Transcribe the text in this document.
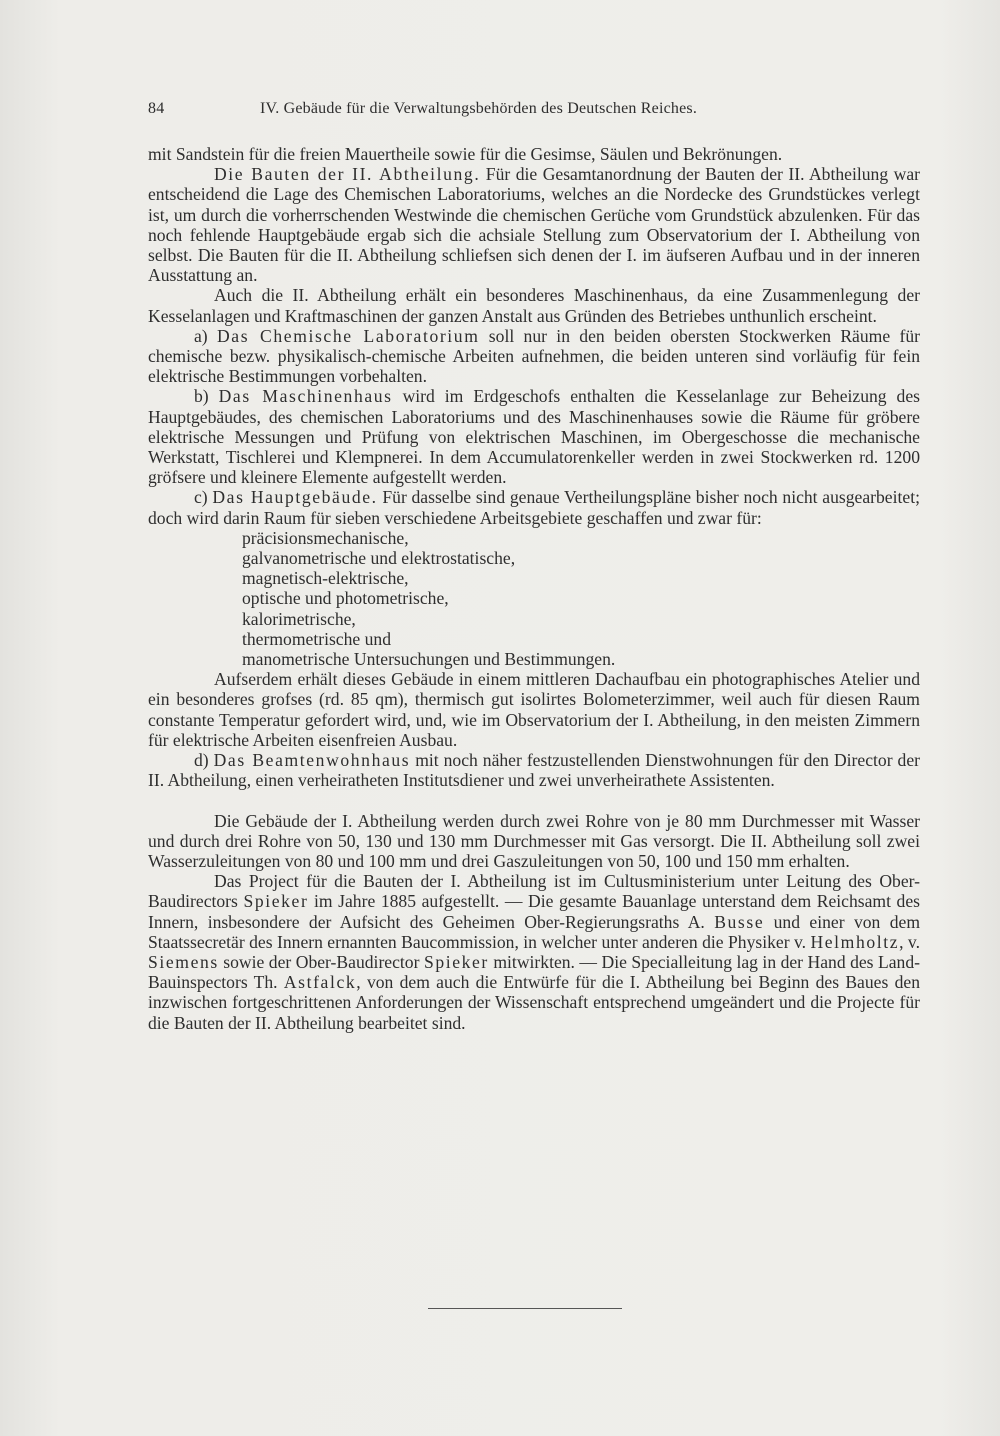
84	IV. Gebäude für die Verwaltungsbehörden des Deutschen Reiches.

mit Sandstein für die freien Mauertheile sowie für die Gesimse, Säulen und Bekrönungen.

Die Bauten der II. Abtheilung. Für die Gesamtanordnung der Bauten der II. Abtheilung war entscheidend die Lage des Chemischen Laboratoriums, welches an die Nordecke des Grundstückes verlegt ist, um durch die vorherrschenden Westwinde die chemischen Gerüche vom Grundstück abzulenken. Für das noch fehlende Hauptgebäude ergab sich die achsiale Stellung zum Observatorium der I. Abtheilung von selbst. Die Bauten für die II. Abtheilung schliefsen sich denen der I. im äufseren Aufbau und in der inneren Ausstattung an.

Auch die II. Abtheilung erhält ein besonderes Maschinenhaus, da eine Zusammenlegung der Kesselanlagen und Kraftmaschinen der ganzen Anstalt aus Gründen des Betriebes unthunlich erscheint.

a) Das Chemische Laboratorium soll nur in den beiden obersten Stockwerken Räume für chemische bezw. physikalisch-chemische Arbeiten aufnehmen, die beiden unteren sind vorläufig für fein elektrische Bestimmungen vorbehalten.

b) Das Maschinenhaus wird im Erdgeschofs enthalten die Kesselanlage zur Beheizung des Hauptgebäudes, des chemischen Laboratoriums und des Maschinenhauses sowie die Räume für gröbere elektrische Messungen und Prüfung von elektrischen Maschinen, im Obergeschosse die mechanische Werkstatt, Tischlerei und Klempnerei. In dem Accumulatorenkeller werden in zwei Stockwerken rd. 1200 gröfsere und kleinere Elemente aufgestellt werden.

c) Das Hauptgebäude. Für dasselbe sind genaue Vertheilungspläne bisher noch nicht ausgearbeitet; doch wird darin Raum für sieben verschiedene Arbeitsgebiete geschaffen und zwar für:

präcisionsmechanische,
galvanometrische und elektrostatische,
magnetisch-elektrische,
optische und photometrische,
kalorimetrische,
thermometrische und
manometrische Untersuchungen und Bestimmungen.

Aufserdem erhält dieses Gebäude in einem mittleren Dachaufbau ein photographisches Atelier und ein besonderes grofses (rd. 85 qm), thermisch gut isolirtes Bolometerzimmer, weil auch für diesen Raum constante Temperatur gefordert wird, und, wie im Observatorium der I. Abtheilung, in den meisten Zimmern für elektrische Arbeiten eisenfreien Ausbau.

d) Das Beamtenwohnhaus mit noch näher festzustellenden Dienstwohnungen für den Director der II. Abtheilung, einen verheiratheten Institutsdiener und zwei unverheirathete Assistenten.

Die Gebäude der I. Abtheilung werden durch zwei Rohre von je 80 mm Durchmesser mit Wasser und durch drei Rohre von 50, 130 und 130 mm Durchmesser mit Gas versorgt. Die II. Abtheilung soll zwei Wasserzuleitungen von 80 und 100 mm und drei Gaszuleitungen von 50, 100 und 150 mm erhalten.

Das Project für die Bauten der I. Abtheilung ist im Cultusministerium unter Leitung des Ober-Baudirectors Spieker im Jahre 1885 aufgestellt. — Die gesamte Bauanlage unterstand dem Reichsamt des Innern, insbesondere der Aufsicht des Geheimen Ober-Regierungsraths A. Busse und einer von dem Staatssecretär des Innern ernannten Baucommission, in welcher unter anderen die Physiker v. Helmholtz, v. Siemens sowie der Ober-Baudirector Spieker mitwirkten. — Die Specialleitung lag in der Hand des Land-Bauinspectors Th. Astfalck, von dem auch die Entwürfe für die I. Abtheilung bei Beginn des Baues den inzwischen fortgeschrittenen Anforderungen der Wissenschaft entsprechend umgeändert und die Projecte für die Bauten der II. Abtheilung bearbeitet sind.
